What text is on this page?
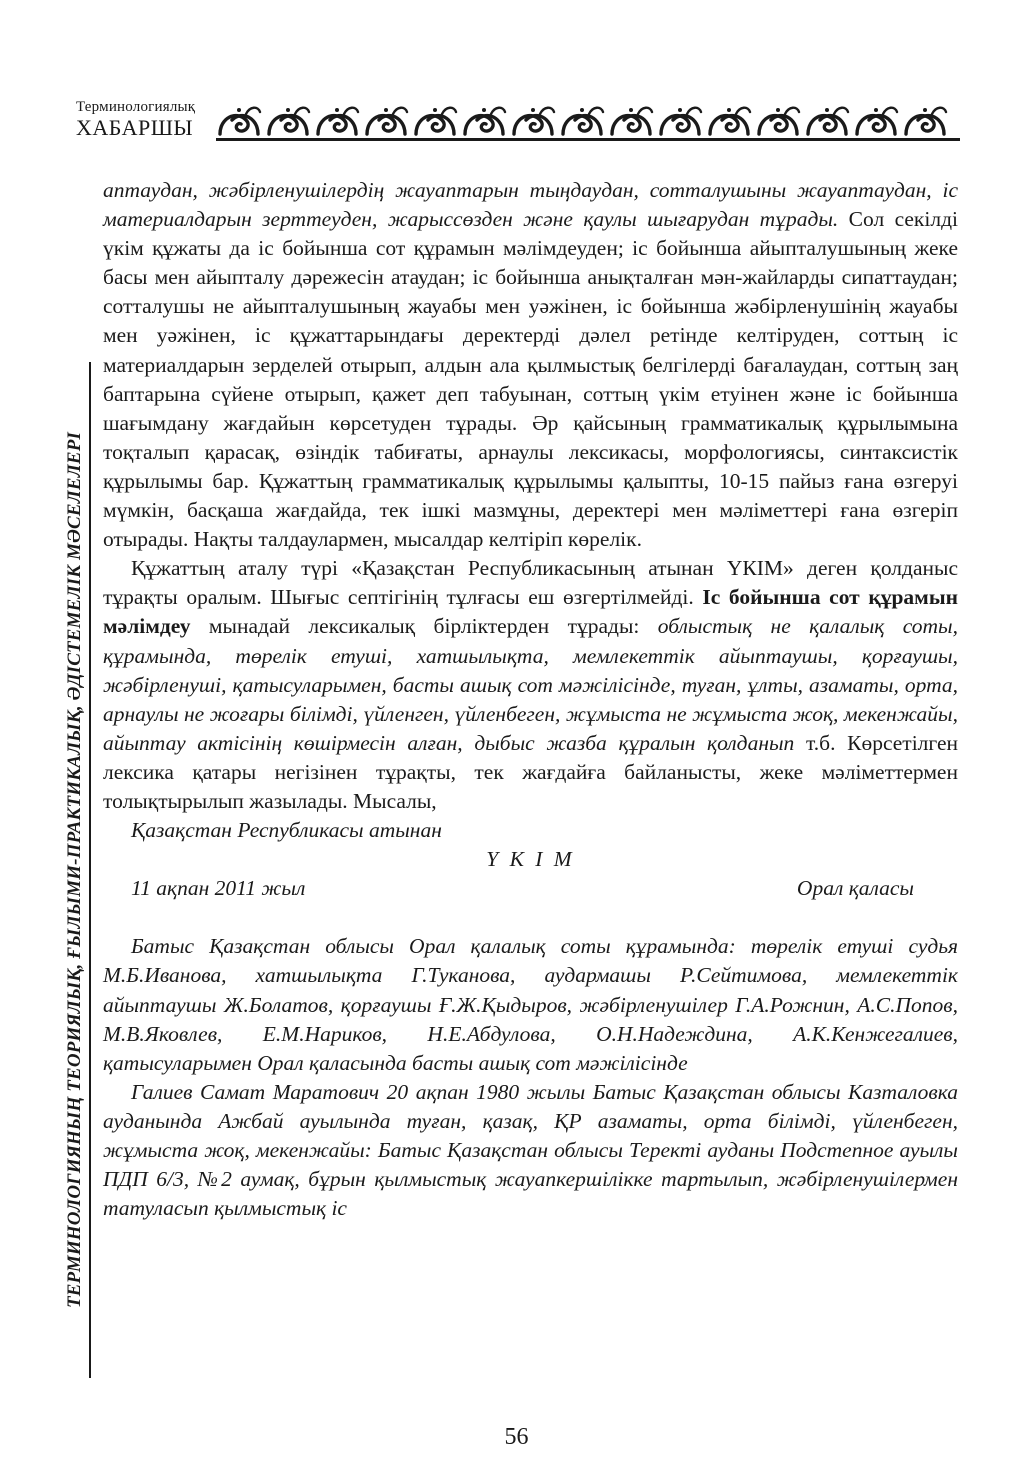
Терминологиялық
ХАБАРШЫ
ТЕРМИНОЛОГИЯНЫҢ ТЕОРИЯЛЫҚ, ҒЫЛЫМИ-ПРАКТИКАЛЫҚ, ӘДІСТЕМЕЛІК МӘСЕЛЕЛЕРІ

аптаудан, жәбірленушілердің жауаптарын тыңдаудан, сотталушыны жауаптаудан, іс материалдарын зерттеуден, жарыссөзден және қаулы шығарудан тұрады. Сол секілді үкім құжаты да іс бойынша сот құрамын мәлімдеуден; іс бойынша айыпталушының жеке басы мен айыпталу дәрежесін атаудан; іс бойынша анықталған мән-жайларды сипаттаудан; сотталушы не айыпталушының жауабы мен уәжінен, іс бойынша жәбірленушінің жауабы мен уәжінен, іс құжаттарындағы деректерді дәлел ретінде келтіруден, соттың іс материалдарын зерделей отырып, алдын ала қылмыстық белгілерді бағалаудан, соттың заң баптарына сүйене отырып, қажет деп табуынан, соттың үкім етуінен және іс бойынша шағымдану жағдайын көрсетуден тұрады. Әр қайсының грамматикалық құрылымына тоқталып қарасақ, өзіндік табиғаты, арнаулы лексикасы, морфологиясы, синтаксистік құрылымы бар. Құжаттың грамматикалық құрылымы қалыпты, 10-15 пайыз ғана өзгеруі мүмкін, басқаша жағдайда, тек ішкі мазмұны, деректері мен мәліметтері ғана өзгеріп отырады. Нақты талдаулармен, мысалдар келтіріп көрелік.

Құжаттың аталу түрі «Қазақстан Республикасының атынан ҮКІМ» деген қолданыс тұрақты оралым. Шығыс септігінің тұлғасы еш өзгертілмейді. Іс бойынша сот құрамын мәлімдеу мынадай лексикалық бірліктерден тұрады: облыстық не қалалық соты, құрамында, төрелік етуші, хатшылықта, мемлекеттік айыптаушы, қорғаушы, жәбірленуші, қатысуларымен, басты ашық сот мәжілісінде, туған, ұлты, азаматы, орта, арнаулы не жоғары білімді, үйленген, үйленбеген, жұмыста не жұмыста жоқ, мекенжайы, айыптау актісінің көшірмесін алған, дыбыс жазба құралын қолданып т.б. Көрсетілген лексика қатары негізінен тұрақты, тек жағдайға байланысты, жеке мәліметтермен толықтырылып жазылады. Мысалы,

Қазақстан Республикасы атынан
Ү К І М
11 ақпан 2011 жыл	Орал қаласы

Батыс Қазақстан облысы Орал қалалық соты құрамында: төрелік етуші судья М.Б.Иванова, хатшылықта Г.Туканова, аудармашы Р.Сейтимова, мемлекеттік айыптаушы Ж.Болатов, қорғаушы Ғ.Ж.Қыдыров, жәбірленушілер Г.А.Рожнин, А.С.Попов, М.В.Яковлев, Е.М.Нариков, Н.Е.Абдулова, О.Н.Надеждина, А.К.Кенжегалиев, қатысуларымен Орал қаласында басты ашық сот мәжілісінде

Галиев Самат Маратович 20 ақпан 1980 жылы Батыс Қазақстан облысы Казталовка ауданында Ажбай ауылында туған, қазақ, ҚР азаматы, орта білімді, үйленбеген, жұмыста жоқ, мекенжайы: Батыс Қазақстан облысы Теректі ауданы Подстепное ауылы ПДП 6/3, №2 аумақ, бұрын қылмыстық жауапкершілікке тартылып, жәбірленушілермен татуласып қылмыстық іс

56
